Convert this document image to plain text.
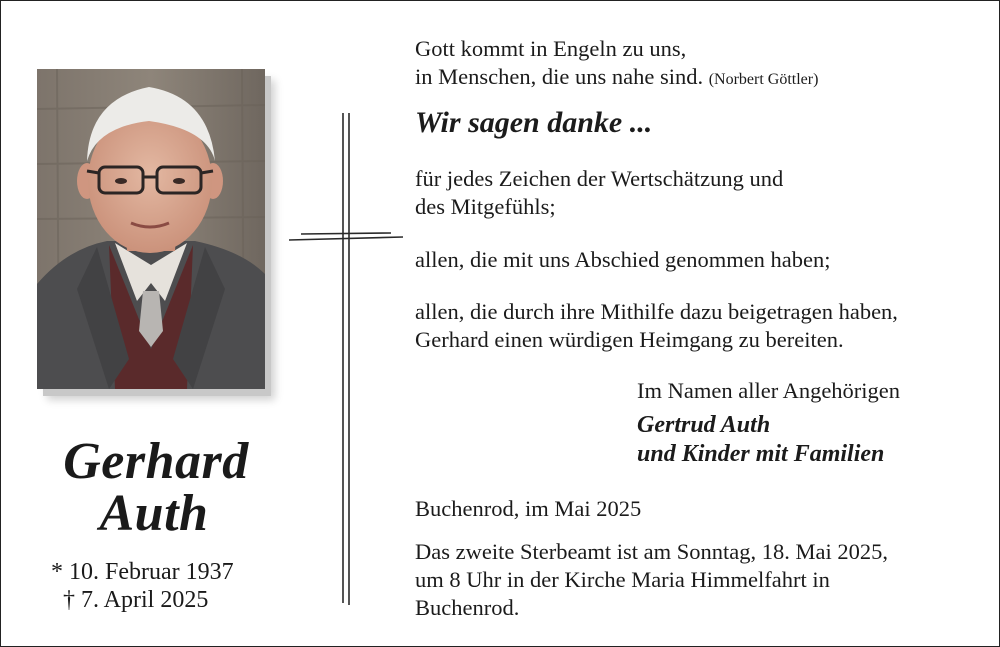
Gerhard
Auth
* 10. Februar 1937
† 7. April 2025
Gott kommt in Engeln zu uns,
in Menschen, die uns nahe sind. (Norbert Göttler)
Wir sagen danke ...
für jedes Zeichen der Wertschätzung und
des Mitgefühls;
allen, die mit uns Abschied genommen haben;
allen, die durch ihre Mithilfe dazu beigetragen haben,
Gerhard einen würdigen Heimgang zu bereiten.
Im Namen aller Angehörigen
Gertrud Auth
und Kinder mit Familien
Buchenrod, im Mai 2025
Das zweite Sterbeamt ist am Sonntag, 18. Mai 2025,
um 8 Uhr in der Kirche Maria Himmelfahrt in
Buchenrod.
